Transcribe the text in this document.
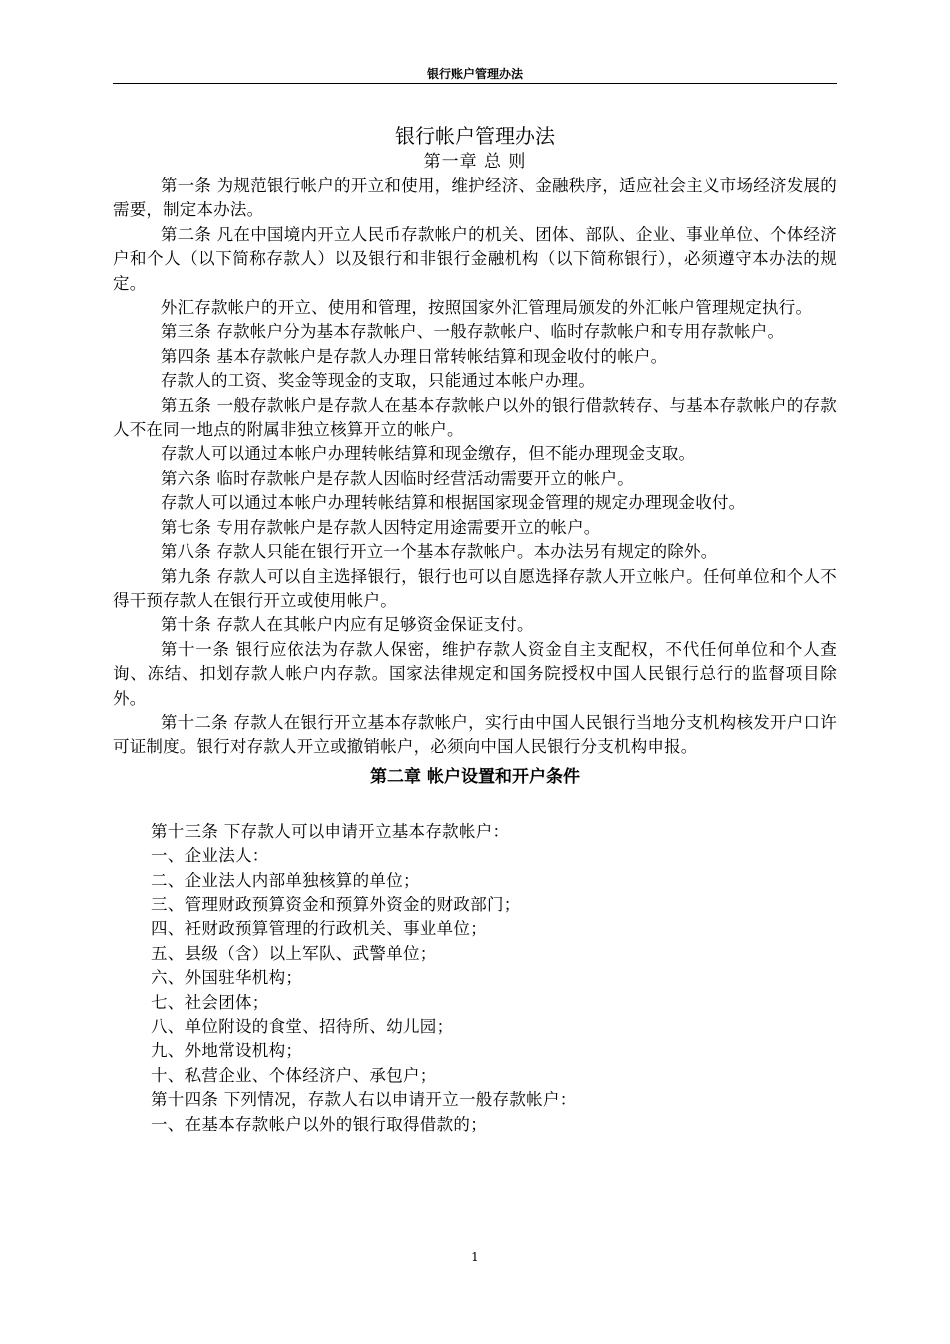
银行账户管理办法
银行帐户管理办法
第一章 总 则

第一条 为规范银行帐户的开立和使用，维护经济、金融秩序，适应社会主义市场经济发展的需要，制定本办法。

第二条 凡在中国境内开立人民币存款帐户的机关、团体、部队、企业、事业单位、个体经济户和个人（以下简称存款人）以及银行和非银行金融机构（以下简称银行），必须遵守本办法的规定。

外汇存款帐户的开立、使用和管理，按照国家外汇管理局颁发的外汇帐户管理规定执行。

第三条 存款帐户分为基本存款帐户、一般存款帐户、临时存款帐户和专用存款帐户。

第四条 基本存款帐户是存款人办理日常转帐结算和现金收付的帐户。

存款人的工资、奖金等现金的支取，只能通过本帐户办理。

第五条 一般存款帐户是存款人在基本存款帐户以外的银行借款转存、与基本存款帐户的存款人不在同一地点的附属非独立核算开立的帐户。

存款人可以通过本帐户办理转帐结算和现金缴存，但不能办理现金支取。

第六条 临时存款帐户是存款人因临时经营活动需要开立的帐户。

存款人可以通过本帐户办理转帐结算和根据国家现金管理的规定办理现金收付。

第七条 专用存款帐户是存款人因特定用途需要开立的帐户。

第八条 存款人只能在银行开立一个基本存款帐户。本办法另有规定的除外。

第九条 存款人可以自主选择银行，银行也可以自愿选择存款人开立帐户。任何单位和个人不得干预存款人在银行开立或使用帐户。

第十条 存款人在其帐户内应有足够资金保证支付。

第十一条 银行应依法为存款人保密，维护存款人资金自主支配权，不代任何单位和个人查询、冻结、扣划存款人帐户内存款。国家法律规定和国务院授权中国人民银行总行的监督项目除外。

第十二条 存款人在银行开立基本存款帐户，实行由中国人民银行当地分支机构核发开户口许可证制度。银行对存款人开立或撤销帐户，必须向中国人民银行分支机构申报。

第二章 帐户设置和开户条件
第十三条 下存款人可以申请开立基本存款帐户：
一、企业法人：
二、企业法人内部单独核算的单位；
三、管理财政预算资金和预算外资金的财政部门；
四、衽财政预算管理的行政机关、事业单位；
五、县级（含）以上军队、武警单位；
六、外国驻华机构；
七、社会团体；
八、单位附设的食堂、招待所、幼儿园；
九、外地常设机构；
十、私营企业、个体经济户、承包户；
第十四条 下列情况，存款人右以申请开立一般存款帐户：
一、在基本存款帐户以外的银行取得借款的；
1
